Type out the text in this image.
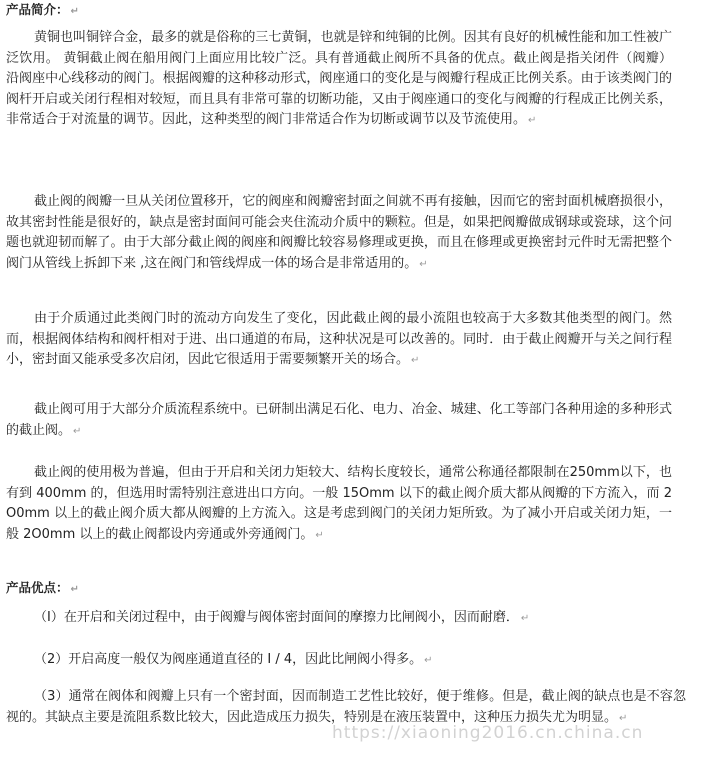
产品简介： ↵

黄铜也叫铜锌合金，最多的就是俗称的三七黄铜，也就是锌和纯铜的比例。因其有良好的机械性能和加工性被广泛饮用。 黄铜截止阀在船用阀门上面应用比较广泛。具有普通截止阀所不具备的优点。截止阀是指关闭件（阀瓣）沿阀座中心线移动的阀门。根据阀瓣的这种移动形式，阀座通口的变化是与阀瓣行程成正比例关系。由于该类阀门的阀杆开启或关闭行程相对较短，而且具有非常可靠的切断功能，又由于阀座通口的变化与阀瓣的行程成正比例关系，非常适合于对流量的调节。因此，这种类型的阀门非常适合作为切断或调节以及节流使用。 ↵

截止阀的阀瓣一旦从关闭位置移开，它的阀座和阀瓣密封面之间就不再有接触，因而它的密封面机械磨损很小，故其密封性能是很好的，缺点是密封面间可能会夹住流动介质中的颗粒。但是，如果把阀瓣做成钢球或瓷球，这个问题也就迎韧而解了。由于大部分截止阀的阀座和阀瓣比较容易修理或更换，而且在修理或更换密封元件时无需把整个阀门从管线上拆卸下来 ,这在阀门和管线焊成一体的场合是非常适用的。 ↵

由于介质通过此类阀门时的流动方向发生了变化，因此截止阀的最小流阻也较高于大多数其他类型的阀门。然而，根据阀体结构和阀杆相对于进、出口通道的布局，这种状况是可以改善的。同时．由于截止阀瓣开与关之间行程小，密封面又能承受多次启闭，因此它很适用于需要频繁开关的场合。 ↵

截止阀可用于大部分介质流程系统中。已研制出满足石化、电力、冶金、城建、化工等部门各种用途的多种形式的截止阀。 ↵

截止阀的使用极为普遍，但由于开启和关闭力矩较大、结构长度较长，通常公称通径都限制在250mm以下，也有到 400mm 的，但选用时需特别注意进出口方向。一般 15Omm 以下的截止阀介质大都从阀瓣的下方流入，而 2O0mm 以上的截止阀介质大都从阀瓣的上方流入。这是考虑到阀门的关闭力矩所致。为了减小开启或关闭力矩，一般 2O0mm 以上的截止阀都设内旁通或外旁通阀门。 ↵

产品优点： ↵

（I）在开启和关闭过程中，由于阀瓣与阀体密封面间的摩擦力比闸阀小，因而耐磨． ↵

（2）开启高度一般仅为阀座通道直径的 I / 4，因此比闸阀小得多。 ↵

（3）通常在阀体和阀瓣上只有一个密封面，因而制造工艺性比较好，便于维修。但是，截止阀的缺点也是不容忽视的。其缺点主要是流阻系数比较大，因此造成压力损失，特别是在液压装置中，这种压力损失尤为明显。 ↵

https://xiaoning2016.cn.china.cn
